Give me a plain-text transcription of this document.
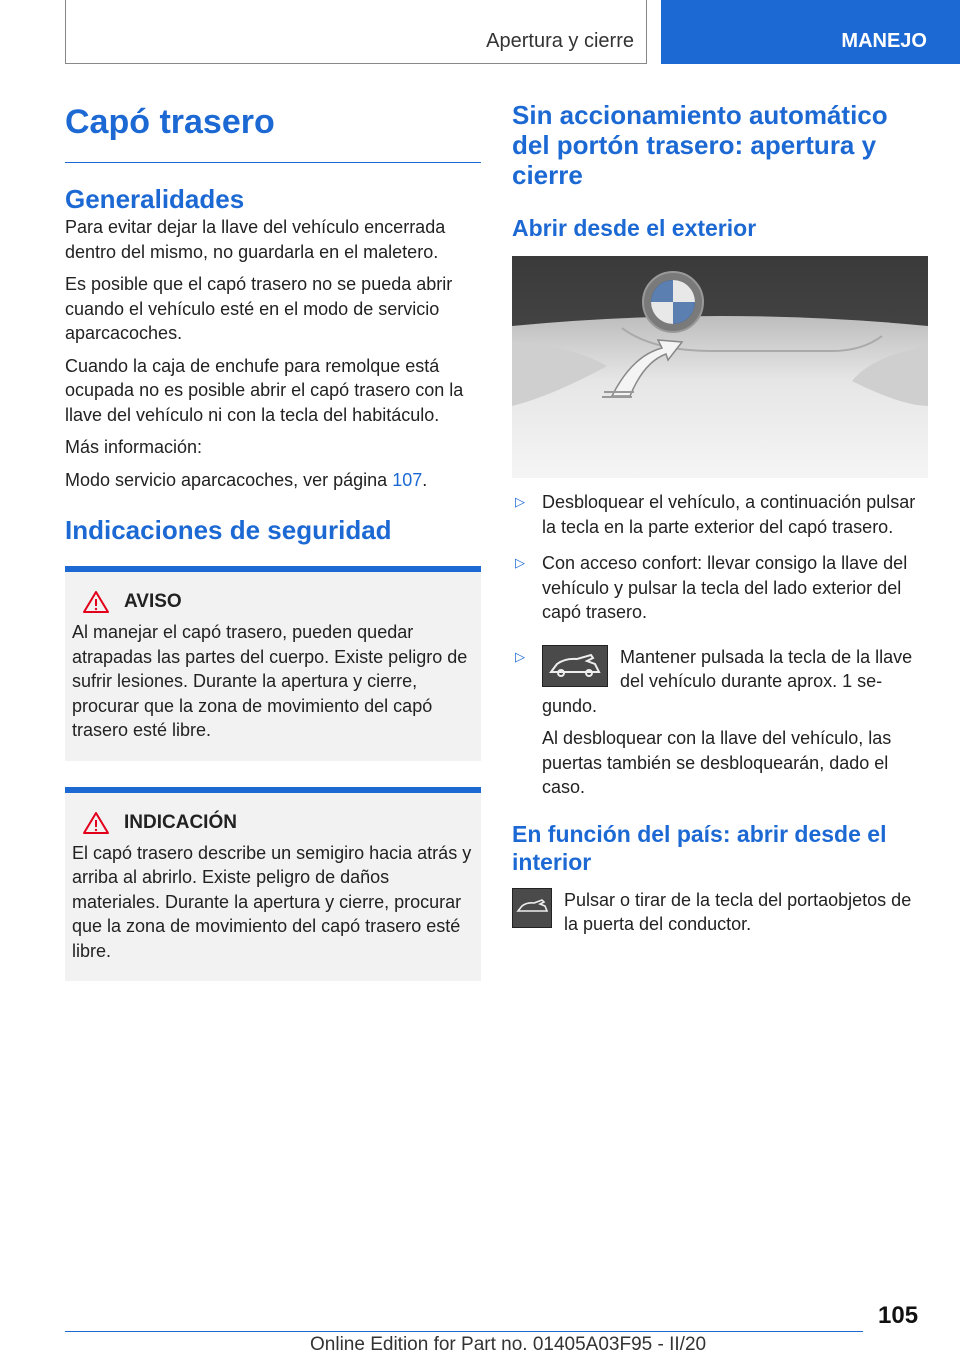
Apertura y cierre	MANEJO
Capó trasero
Generalidades

Para evitar dejar la llave del vehículo encerrada dentro del mismo, no guardarla en el maletero.

Es posible que el capó trasero no se pueda abrir cuando el vehículo esté en el modo de servicio aparcacoches.

Cuando la caja de enchufe para remolque está ocupada no es posible abrir el capó trasero con la llave del vehículo ni con la tecla del habitáculo.

Más información:

Modo servicio aparcacoches, ver página 107.

Indicaciones de seguridad
AVISO
Al manejar el capó trasero, pueden quedar atrapadas las partes del cuerpo. Existe peligro de sufrir lesiones. Durante la apertura y cierre, procurar que la zona de movimiento del capó trasero esté libre.
INDICACIÓN
El capó trasero describe un semigiro hacia atrás y arriba al abrirlo. Existe peligro de daños materiales. Durante la apertura y cierre, procurar que la zona de movimiento del capó trasero esté libre.
Sin accionamiento automático del portón trasero: apertura y cierre
Abrir desde el exterior
▷ Desbloquear el vehículo, a continuación pulsar la tecla en la parte exterior del capó trasero.
▷ Con acceso confort: llevar consigo la llave del vehículo y pulsar la tecla del lado exterior del capó trasero.
▷	Mantener pulsada la tecla de la llave del vehículo durante aprox. 1 se-
gundo.
Al desbloquear con la llave del vehículo, las puertas también se desbloquearán, dado el caso.
En función del país: abrir desde el interior

Pulsar o tirar de la tecla del portaobjetos de la puerta del conductor.

105
Online Edition for Part no. 01405A03F95 - II/20
